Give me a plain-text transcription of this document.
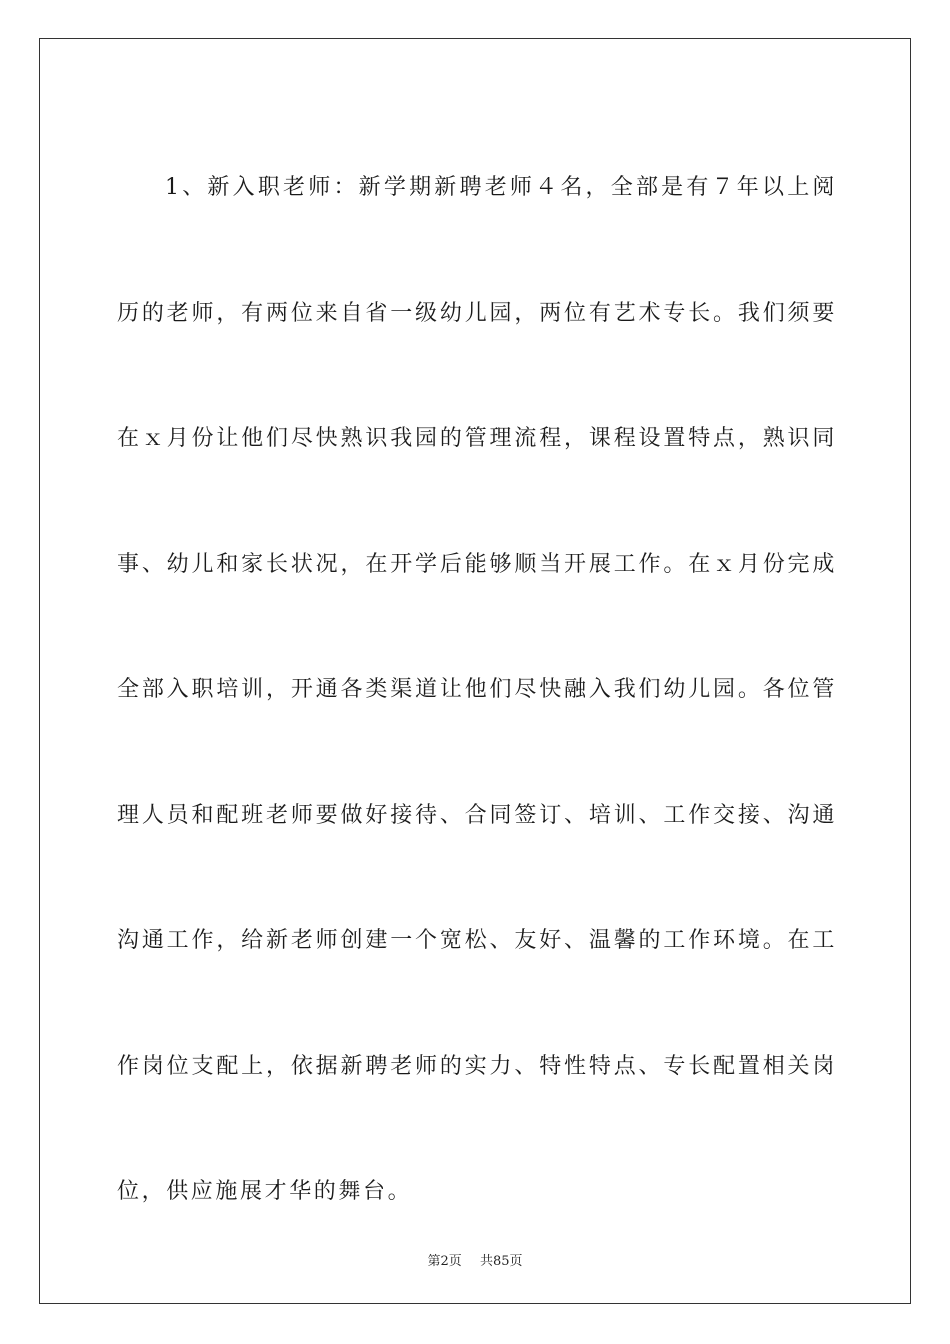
1、新入职老师：新学期新聘老师４名，全部是有７年以上阅历的老师，有两位来自省一级幼儿园，两位有艺术专长。我们须要在ｘ月份让他们尽快熟识我园的管理流程，课程设置特点，熟识同事、幼儿和家长状况，在开学后能够顺当开展工作。在ｘ月份完成全部入职培训，开通各类渠道让他们尽快融入我们幼儿园。各位管理人员和配班老师要做好接待、合同签订、培训、工作交接、沟通沟通工作，给新老师创建一个宽松、友好、温馨的工作环境。在工作岗位支配上，依据新聘老师的实力、特性特点、专长配置相关岗位，供应施展才华的舞台。

第2页 共85页
